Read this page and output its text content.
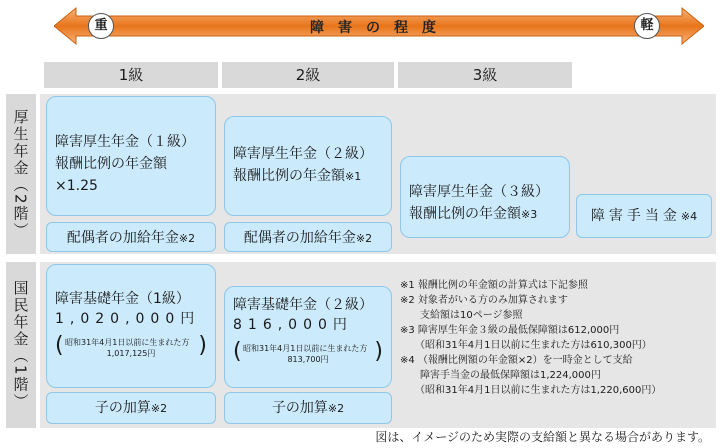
重	障害の程度	軽
1級	2級	3級
厚生年金（2階） 障害厚生年金（１級）
報酬比例の年金額×1.25
障害厚生年金（２級）
報酬比例の年金額※1
障害厚生年金（３級）
報酬比例の年金額※3	障害手当金※4
配偶者の加給年金※2	配偶者の加給年金※2
国民年金（1階） 障害基礎年金（1級）
1,020,000円
( 昭和31年4月1日以前に生まれた方
1,017,125円	)
障害基礎年金（２級）
816,000円
( 昭和31年4月1日以前に生まれた方
813,700円	)
子の加算※2	子の加算※2
※1 報酬比例の年金額の計算式は下記参照
※2 対象者がいる方のみ加算されます
　　支給額は10ページ参照
※3 障害厚生年金３級の最低保障額は612,000円
　　（昭和31年4月1日以前に生まれた方は610,300円）
※4 （報酬比例額の年金額×2）を一時金として支給
　　障害手当金の最低保障額は1,224,000円
　　（昭和31年4月1日以前に生まれた方は1,220,600円）
図は、イメージのため実際の支給額と異なる場合があります。
